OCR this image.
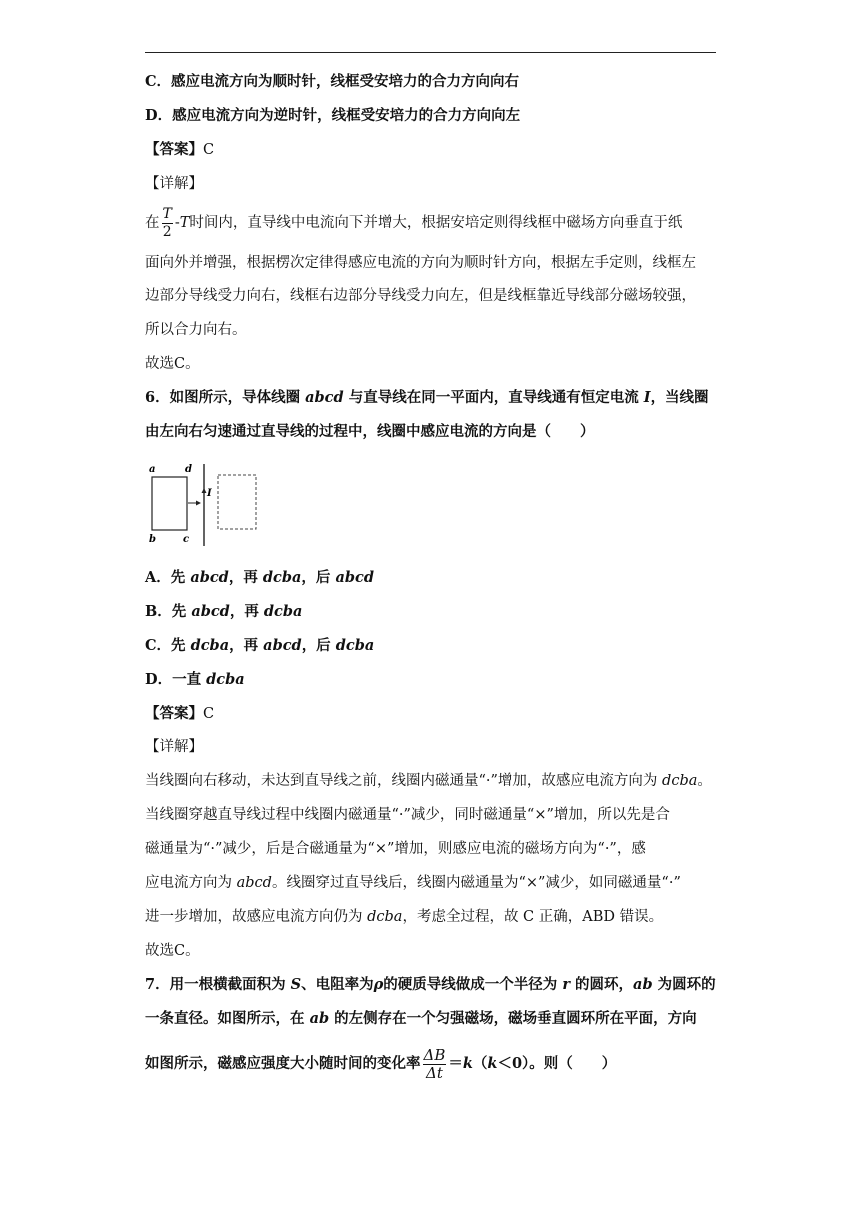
C．感应电流方向为顺时针，线框受安培力的合力方向向右
D．感应电流方向为逆时针，线框受安培力的合力方向向左
【答案】C
【详解】
在 $\frac{T}{2} -T$时间内，直导线中电流向下并增大，根据安培定则得线框中磁场方向垂直于纸
面向外并增强，根据楞次定律得感应电流的方向为顺时针方向，根据左手定则，线框左
边部分导线受力向右，线框右边部分导线受力向左，但是线框靠近导线部分磁场较强，
所以合力向右。
故选C。
6．如图所示，导体线圈 abcd 与直导线在同一平面内，直导线通有恒定电流 I，当线圈
由左向右匀速通过直导线的过程中，线圈中感应电流的方向是（　　）
a	d
b	c
I
A．先 abcd，再 dcba，后 abcd
B．先 abcd，再 dcba
C．先 dcba，再 abcd，后 dcba
D．一直 dcba
【答案】C
【详解】
当线圈向右移动，未达到直导线之前，线圈内磁通量“·”增加，故感应电流方向为 dcba。
当线圈穿越直导线过程中线圈内磁通量“·”减少，同时磁通量“×”增加，所以先是合
磁通量为“·”减少，后是合磁通量为“×”增加，则感应电流的磁场方向为“·”，感
应电流方向为 abcd。线圈穿过直导线后，线圈内磁通量为“×”减少，如同磁通量“·”
进一步增加，故感应电流方向仍为 dcba，考虑全过程，故 C 正确，ABD 错误。
故选C。
7．用一根横截面积为 S、电阻率为ρ的硬质导线做成一个半径为 r 的圆环，ab 为圆环的
一条直径。如图所示，在 ab 的左侧存在一个匀强磁场，磁场垂直圆环所在平面，方向
如图所示，磁感应强度大小随时间的变化率 $\frac{\Delta B}{\Delta t} =k(k<0)$。则（　　）
